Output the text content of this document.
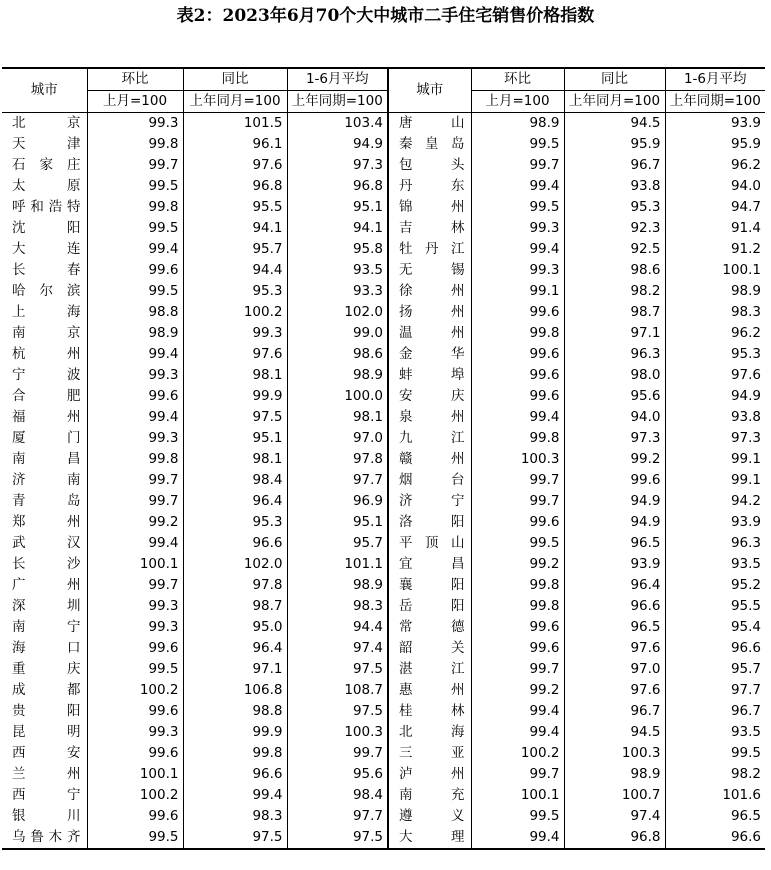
表2：2023年6月70个大中城市二手住宅销售价格指数
城市	环比	同比	1-6月平均	城市	环比	同比	1-6月平均
	上月=100	上年同月=100	上年同期=100		上月=100	上年同月=100	上年同期=100
北京	99.3	101.5	103.4	唐山	98.9	94.5	93.9
天津	99.8	96.1	94.9	秦皇岛	99.5	95.9	95.9
石家庄	99.7	97.6	97.3	包头	99.7	96.7	96.2
太原	99.5	96.8	96.8	丹东	99.4	93.8	94.0
呼和浩特	99.8	95.5	95.1	锦州	99.5	95.3	94.7
沈阳	99.5	94.1	94.1	吉林	99.3	92.3	91.4
大连	99.4	95.7	95.8	牡丹江	99.4	92.5	91.2
长春	99.6	94.4	93.5	无锡	99.3	98.6	100.1
哈尔滨	99.5	95.3	93.3	徐州	99.1	98.2	98.9
上海	98.8	100.2	102.0	扬州	99.6	98.7	98.3
南京	98.9	99.3	99.0	温州	99.8	97.1	96.2
杭州	99.4	97.6	98.6	金华	99.6	96.3	95.3
宁波	99.3	98.1	98.9	蚌埠	99.6	98.0	97.6
合肥	99.6	99.9	100.0	安庆	99.6	95.6	94.9
福州	99.4	97.5	98.1	泉州	99.4	94.0	93.8
厦门	99.3	95.1	97.0	九江	99.8	97.3	97.3
南昌	99.8	98.1	97.8	赣州	100.3	99.2	99.1
济南	99.7	98.4	97.7	烟台	99.7	99.6	99.1
青岛	99.7	96.4	96.9	济宁	99.7	94.9	94.2
郑州	99.2	95.3	95.1	洛阳	99.6	94.9	93.9
武汉	99.4	96.6	95.7	平顶山	99.5	96.5	96.3
长沙	100.1	102.0	101.1	宜昌	99.2	93.9	93.5
广州	99.7	97.8	98.9	襄阳	99.8	96.4	95.2
深圳	99.3	98.7	98.3	岳阳	99.8	96.6	95.5
南宁	99.3	95.0	94.4	常德	99.6	96.5	95.4
海口	99.6	96.4	97.4	韶关	99.6	97.6	96.6
重庆	99.5	97.1	97.5	湛江	99.7	97.0	95.7
成都	100.2	106.8	108.7	惠州	99.2	97.6	97.7
贵阳	99.6	98.8	97.5	桂林	99.4	96.7	96.7
昆明	99.3	99.9	100.3	北海	99.4	94.5	93.5
西安	99.6	99.8	99.7	三亚	100.2	100.3	99.5
兰州	100.1	96.6	95.6	泸州	99.7	98.9	98.2
西宁	100.2	99.4	98.4	南充	100.1	100.7	101.6
银川	99.6	98.3	97.7	遵义	99.5	97.4	96.5
乌鲁木齐	99.5	97.5	97.5	大理	99.4	96.8	96.6
